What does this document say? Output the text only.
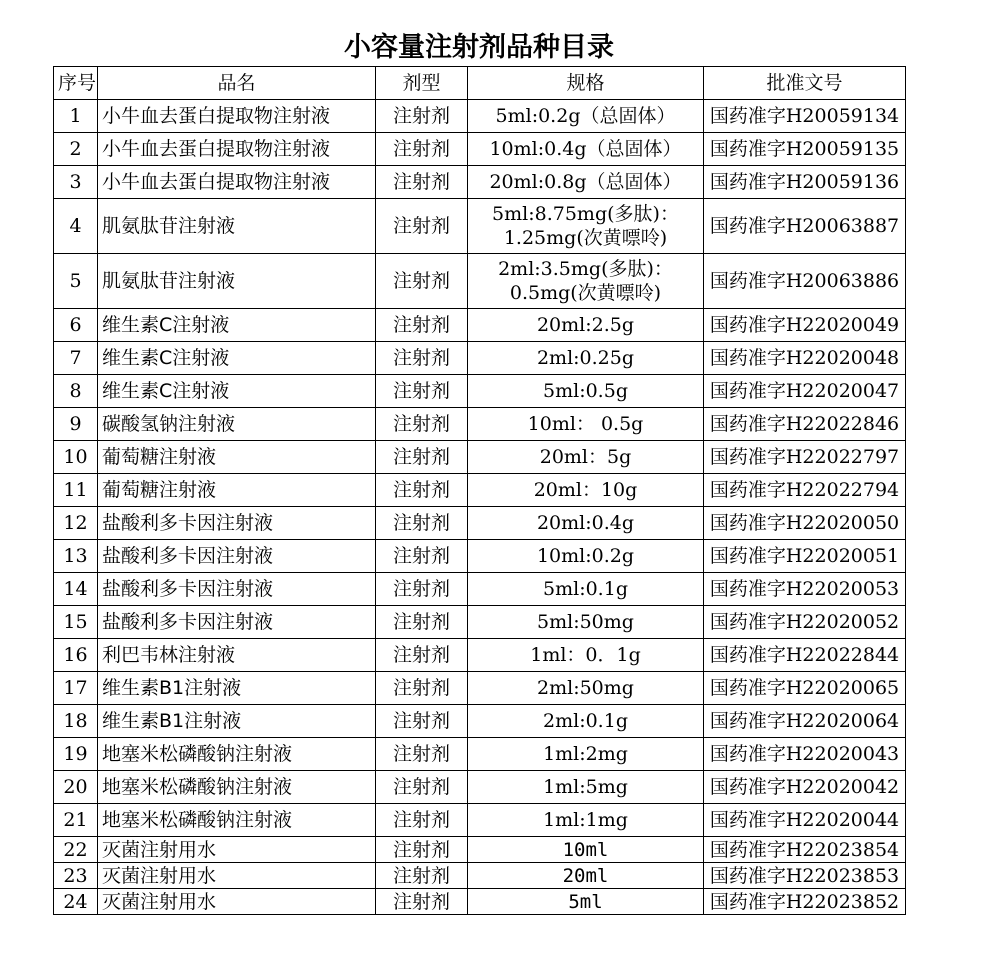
小容量注射剂品种目录
序号	品名	剂型	规格	批准文号
1	小牛血去蛋白提取物注射液	注射剂	5ml:0.2g（总固体）	国药准字H20059134
2	小牛血去蛋白提取物注射液	注射剂	10ml:0.4g（总固体）	国药准字H20059135
3	小牛血去蛋白提取物注射液	注射剂	20ml:0.8g（总固体）	国药准字H20059136
4	肌氨肽苷注射液	注射剂	5ml:8.75mg(多肽)：1.25mg(次黄嘌呤)	国药准字H20063887
5	肌氨肽苷注射液	注射剂	2ml:3.5mg(多肽)：0.5mg(次黄嘌呤)	国药准字H20063886
6	维生素C注射液	注射剂	20ml:2.5g	国药准字H22020049
7	维生素C注射液	注射剂	2ml:0.25g	国药准字H22020048
8	维生素C注射液	注射剂	5ml:0.5g	国药准字H22020047
9	碳酸氢钠注射液	注射剂	10ml： 0.5g	国药准字H22022846
10	葡萄糖注射液	注射剂	20ml：5g	国药准字H22022797
11	葡萄糖注射液	注射剂	20ml：10g	国药准字H22022794
12	盐酸利多卡因注射液	注射剂	20ml:0.4g	国药准字H22020050
13	盐酸利多卡因注射液	注射剂	10ml:0.2g	国药准字H22020051
14	盐酸利多卡因注射液	注射剂	5ml:0.1g	国药准字H22020053
15	盐酸利多卡因注射液	注射剂	5ml:50mg	国药准字H22020052
16	利巴韦林注射液	注射剂	1ml：0．1g	国药准字H22022844
17	维生素B1注射液	注射剂	2ml:50mg	国药准字H22020065
18	维生素B1注射液	注射剂	2ml:0.1g	国药准字H22020064
19	地塞米松磷酸钠注射液	注射剂	1ml:2mg	国药准字H22020043
20	地塞米松磷酸钠注射液	注射剂	1ml:5mg	国药准字H22020042
21	地塞米松磷酸钠注射液	注射剂	1ml:1mg	国药准字H22020044
22	灭菌注射用水	注射剂	10ml	国药准字H22023854
23	灭菌注射用水	注射剂	20ml	国药准字H22023853
24	灭菌注射用水	注射剂	5ml	国药准字H22023852
